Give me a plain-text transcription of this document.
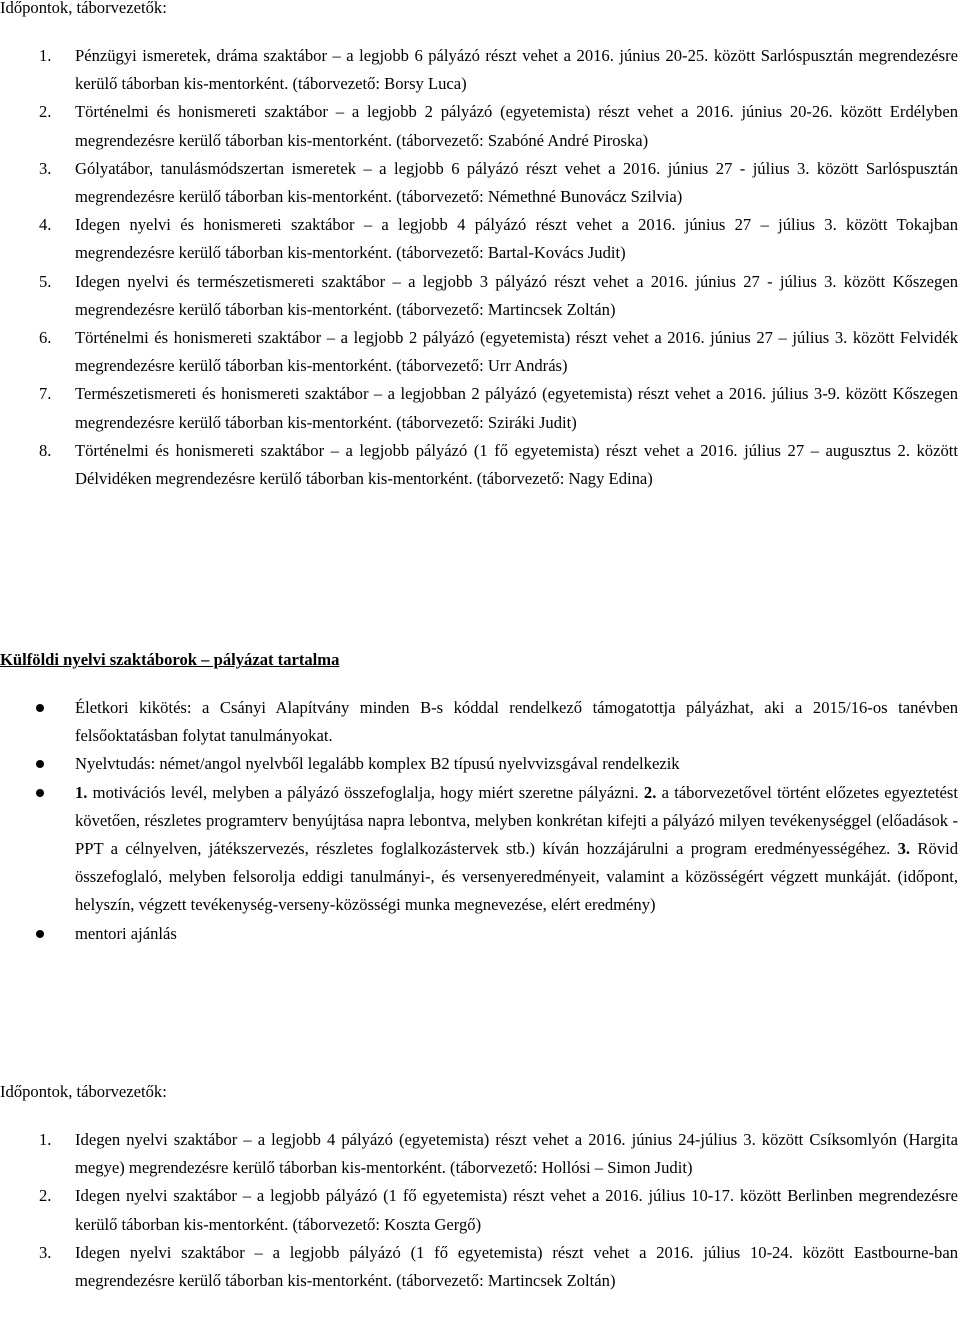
Időpontok, táborvezetők:

1. Pénzügyi ismeretek, dráma szaktábor – a legjobb 6 pályázó részt vehet a 2016. június 20-25. között Sarlóspusztán megrendezésre kerülő táborban kis-mentorként. (táborvezető: Borsy Luca)
2. Történelmi és honismereti szaktábor – a legjobb 2 pályázó (egyetemista) részt vehet a 2016. június 20-26. között Erdélyben megrendezésre kerülő táborban kis-mentorként. (táborvezető: Szabóné André Piroska)
3. Gólyatábor, tanulásmódszertan ismeretek – a legjobb 6 pályázó részt vehet a 2016. június 27 - július 3. között Sarlóspusztán megrendezésre kerülő táborban kis-mentorként. (táborvezető: Némethné Bunovácz Szilvia)
4. Idegen nyelvi és honismereti szaktábor – a legjobb 4 pályázó részt vehet a 2016. június 27 – július 3. között Tokajban megrendezésre kerülő táborban kis-mentorként. (táborvezető: Bartal-Kovács Judit)
5. Idegen nyelvi és természetismereti szaktábor – a legjobb 3 pályázó részt vehet a 2016. június 27 - július 3. között Kőszegen megrendezésre kerülő táborban kis-mentorként. (táborvezető: Martincsek Zoltán)
6. Történelmi és honismereti szaktábor – a legjobb 2 pályázó (egyetemista) részt vehet a 2016. június 27 – július 3. között Felvidék megrendezésre kerülő táborban kis-mentorként. (táborvezető: Urr András)
7. Természetismereti és honismereti szaktábor – a legjobban 2 pályázó (egyetemista) részt vehet a 2016. július 3-9. között Kőszegen megrendezésre kerülő táborban kis-mentorként. (táborvezető: Sziráki Judit)
8. Történelmi és honismereti szaktábor – a legjobb pályázó (1 fő egyetemista) részt vehet a 2016. július 27 – augusztus 2. között Délvidéken megrendezésre kerülő táborban kis-mentorként. (táborvezető: Nagy Edina)

Külföldi nyelvi szaktáborok – pályázat tartalma

Életkori kikötés: a Csányi Alapítvány minden B-s kóddal rendelkező támogatottja pályázhat, aki a 2015/16-os tanévben felsőoktatásban folytat tanulmányokat.
Nyelvtudás: német/angol nyelvből legalább komplex B2 típusú nyelvvizsgával rendelkezik
1. motivációs levél, melyben a pályázó összefoglalja, hogy miért szeretne pályázni. 2. a táborvezetővel történt előzetes egyeztetést követően, részletes programterv benyújtása napra lebontva, melyben konkrétan kifejti a pályázó milyen tevékenységgel (előadások - PPT a célnyelven, játékszervezés, részletes foglalkozástervek stb.) kíván hozzájárulni a program eredményességéhez. 3. Rövid összefoglaló, melyben felsorolja eddigi tanulmányi-, és versenyeredményeit, valamint a közösségért végzett munkáját. (időpont, helyszín, végzett tevékenység-verseny-közösségi munka megnevezése, elért eredmény)
mentori ajánlás

Időpontok, táborvezetők:

1. Idegen nyelvi szaktábor – a legjobb 4 pályázó (egyetemista) részt vehet a 2016. június 24-július 3. között Csíksomlyón (Hargita megye) megrendezésre kerülő táborban kis-mentorként. (táborvezető: Hollósi – Simon Judit)
2. Idegen nyelvi szaktábor – a legjobb pályázó (1 fő egyetemista) részt vehet a 2016. július 10-17. között Berlinben megrendezésre kerülő táborban kis-mentorként. (táborvezető: Koszta Gergő)
3. Idegen nyelvi szaktábor – a legjobb pályázó (1 fő egyetemista) részt vehet a 2016. július 10-24. között Eastbourne-ban megrendezésre kerülő táborban kis-mentorként. (táborvezető: Martincsek Zoltán)
